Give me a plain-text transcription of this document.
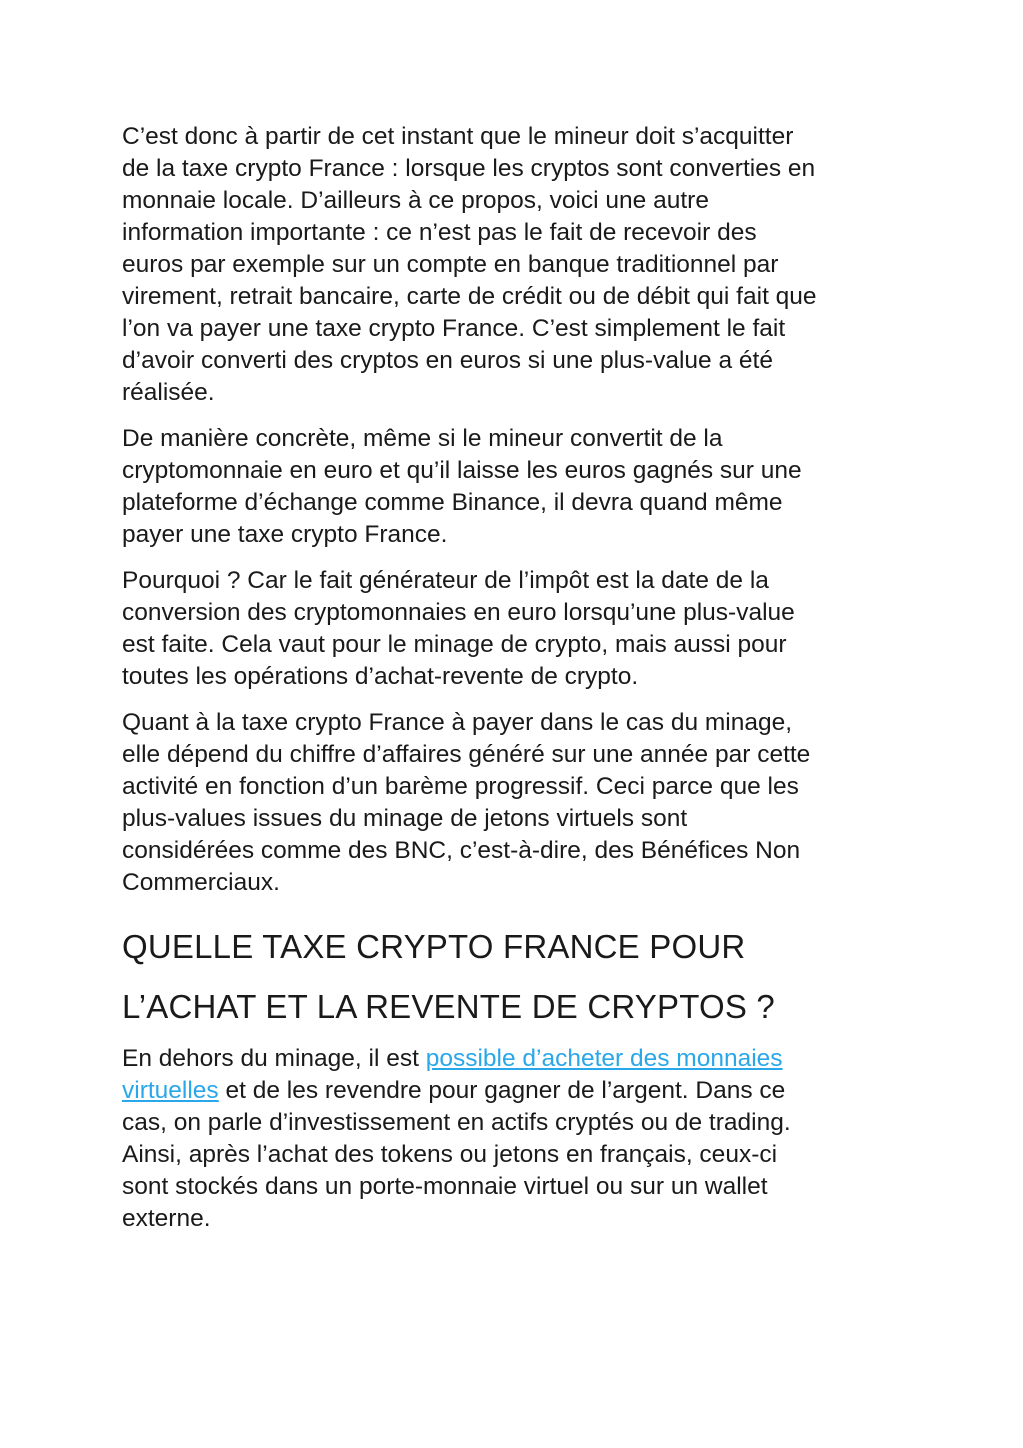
C’est donc à partir de cet instant que le mineur doit s’acquitter
de la taxe crypto France : lorsque les cryptos sont converties en
monnaie locale. D’ailleurs à ce propos, voici une autre
information importante : ce n’est pas le fait de recevoir des
euros par exemple sur un compte en banque traditionnel par
virement, retrait bancaire, carte de crédit ou de débit qui fait que
l’on va payer une taxe crypto France. C’est simplement le fait
d’avoir converti des cryptos en euros si une plus-value a été
réalisée.

De manière concrète, même si le mineur convertit de la
cryptomonnaie en euro et qu’il laisse les euros gagnés sur une
plateforme d’échange comme Binance, il devra quand même
payer une taxe crypto France.

Pourquoi ? Car le fait générateur de l’impôt est la date de la
conversion des cryptomonnaies en euro lorsqu’une plus-value
est faite. Cela vaut pour le minage de crypto, mais aussi pour
toutes les opérations d’achat-revente de crypto.

Quant à la taxe crypto France à payer dans le cas du minage,
elle dépend du chiffre d’affaires généré sur une année par cette
activité en fonction d’un barème progressif. Ceci parce que les
plus-values issues du minage de jetons virtuels sont
considérées comme des BNC, c’est-à-dire, des Bénéfices Non
Commerciaux.

QUELLE TAXE CRYPTO FRANCE POUR
L’ACHAT ET LA REVENTE DE CRYPTOS ?

En dehors du minage, il est possible d’acheter des monnaies
virtuelles et de les revendre pour gagner de l’argent. Dans ce
cas, on parle d’investissement en actifs cryptés ou de trading.
Ainsi, après l’achat des tokens ou jetons en français, ceux-ci
sont stockés dans un porte-monnaie virtuel ou sur un wallet
externe.
